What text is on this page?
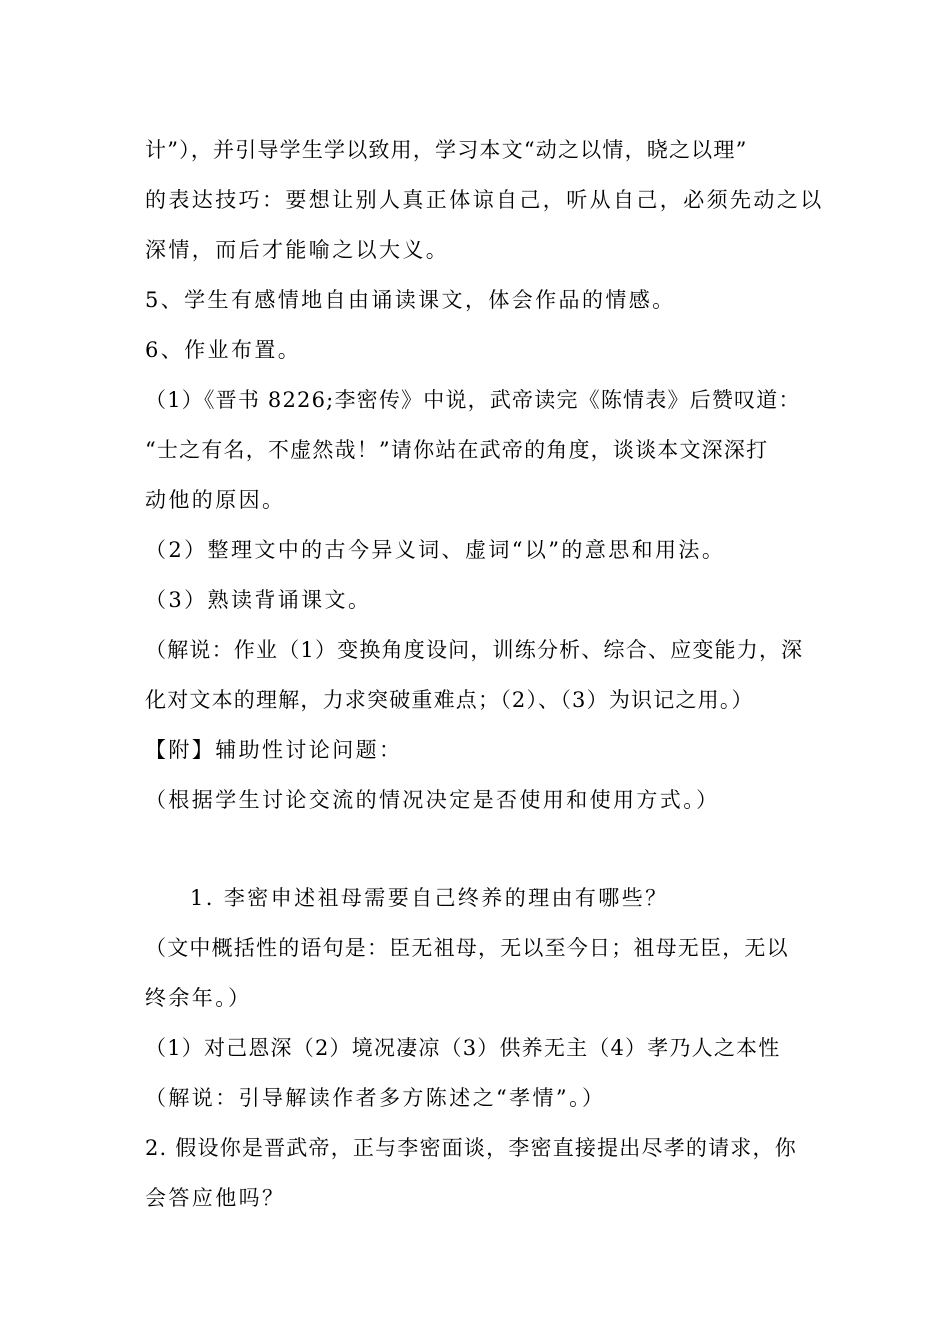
计”），并引导学生学以致用，学习本文“动之以情，晓之以理”
的表达技巧：要想让别人真正体谅自己，听从自己，必须先动之以
深情，而后才能喻之以大义。
5、学生有感情地自由诵读课文，体会作品的情感。
6、作业布置。
（1）《晋书 8226;李密传》中说，武帝读完《陈情表》后赞叹道：
“士之有名，不虚然哉！”请你站在武帝的角度，谈谈本文深深打
动他的原因。
（2）整理文中的古今异义词、虚词“以”的意思和用法。
（3）熟读背诵课文。
（解说：作业（1）变换角度设问，训练分析、综合、应变能力，深
化对文本的理解，力求突破重难点；（2）、（3）为识记之用。）
【附】辅助性讨论问题：
（根据学生讨论交流的情况决定是否使用和使用方式。）
1. 李密申述祖母需要自己终养的理由有哪些？
（文中概括性的语句是：臣无祖母，无以至今日；祖母无臣，无以
终余年。）
（1）对己恩深（2）境况凄凉（3）供养无主（4）孝乃人之本性
（解说：引导解读作者多方陈述之“孝情”。）
2. 假设你是晋武帝，正与李密面谈，李密直接提出尽孝的请求，你
会答应他吗？
